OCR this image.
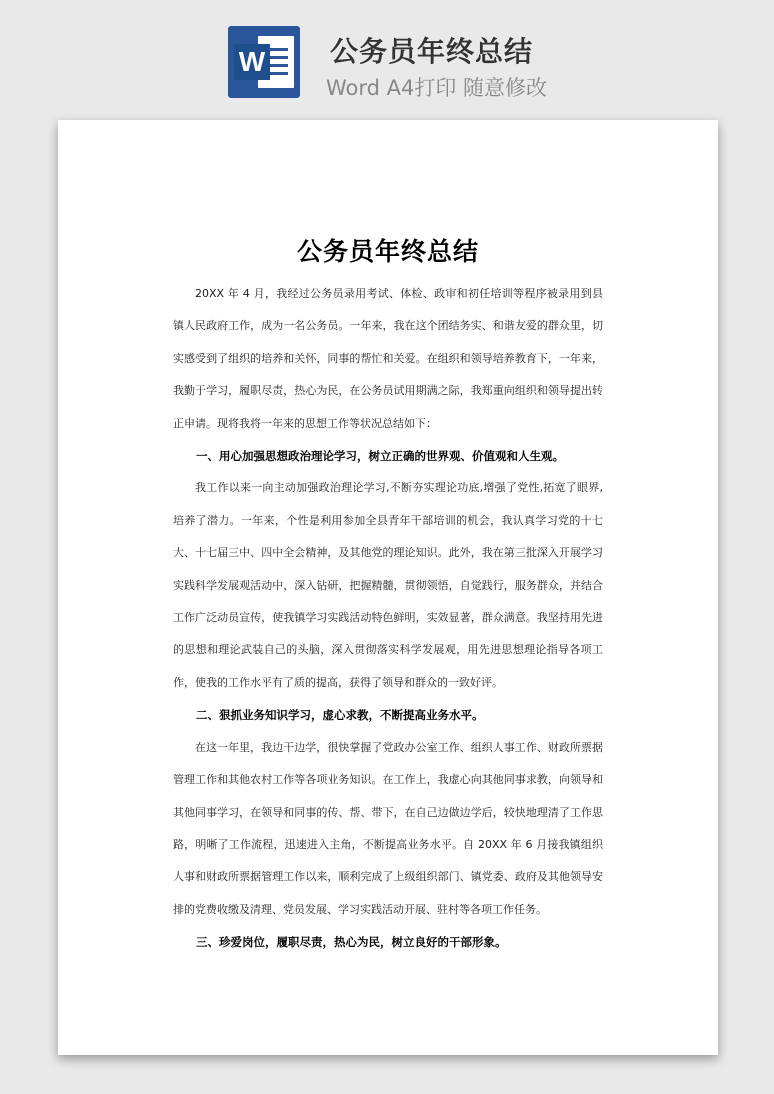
W 公务员年终总结
Word A4打印 随意修改
公务员年终总结

20XX 年 4 月，我经过公务员录用考试、体检、政审和初任培训等程序被录用到县镇人民政府工作，成为一名公务员。一年来，我在这个团结务实、和谐友爱的群众里，切实感受到了组织的培养和关怀，同事的帮忙和关爱。在组织和领导培养教育下，一年来，我勤于学习，履职尽责，热心为民，在公务员试用期满之际，我郑重向组织和领导提出转正申请。现将我将一年来的思想工作等状况总结如下：

一、用心加强思想政治理论学习，树立正确的世界观、价值观和人生观。

我工作以来一向主动加强政治理论学习,不断夯实理论功底,增强了党性,拓宽了眼界,培养了潜力。一年来，个性是利用参加全县青年干部培训的机会，我认真学习党的十七大、十七届三中、四中全会精神，及其他党的理论知识。此外，我在第三批深入开展学习实践科学发展观活动中，深入钻研，把握精髓，贯彻领悟，自觉践行，服务群众，并结合工作广泛动员宣传，使我镇学习实践活动特色鲜明，实效显著，群众满意。我坚持用先进的思想和理论武装自己的头脑，深入贯彻落实科学发展观，用先进思想理论指导各项工作，使我的工作水平有了质的提高，获得了领导和群众的一致好评。

二、狠抓业务知识学习，虚心求教，不断提高业务水平。

在这一年里，我边干边学，很快掌握了党政办公室工作、组织人事工作、财政所票据管理工作和其他农村工作等各项业务知识。在工作上，我虚心向其他同事求教，向领导和其他同事学习，在领导和同事的传、帮、带下，在自己边做边学后，较快地理清了工作思路，明晰了工作流程，迅速进入主角，不断提高业务水平。自 20XX 年 6 月接我镇组织人事和财政所票据管理工作以来，顺利完成了上级组织部门、镇党委、政府及其他领导安排的党费收缴及清理、党员发展、学习实践活动开展、驻村等各项工作任务。

三、珍爱岗位，履职尽责，热心为民，树立良好的干部形象。
